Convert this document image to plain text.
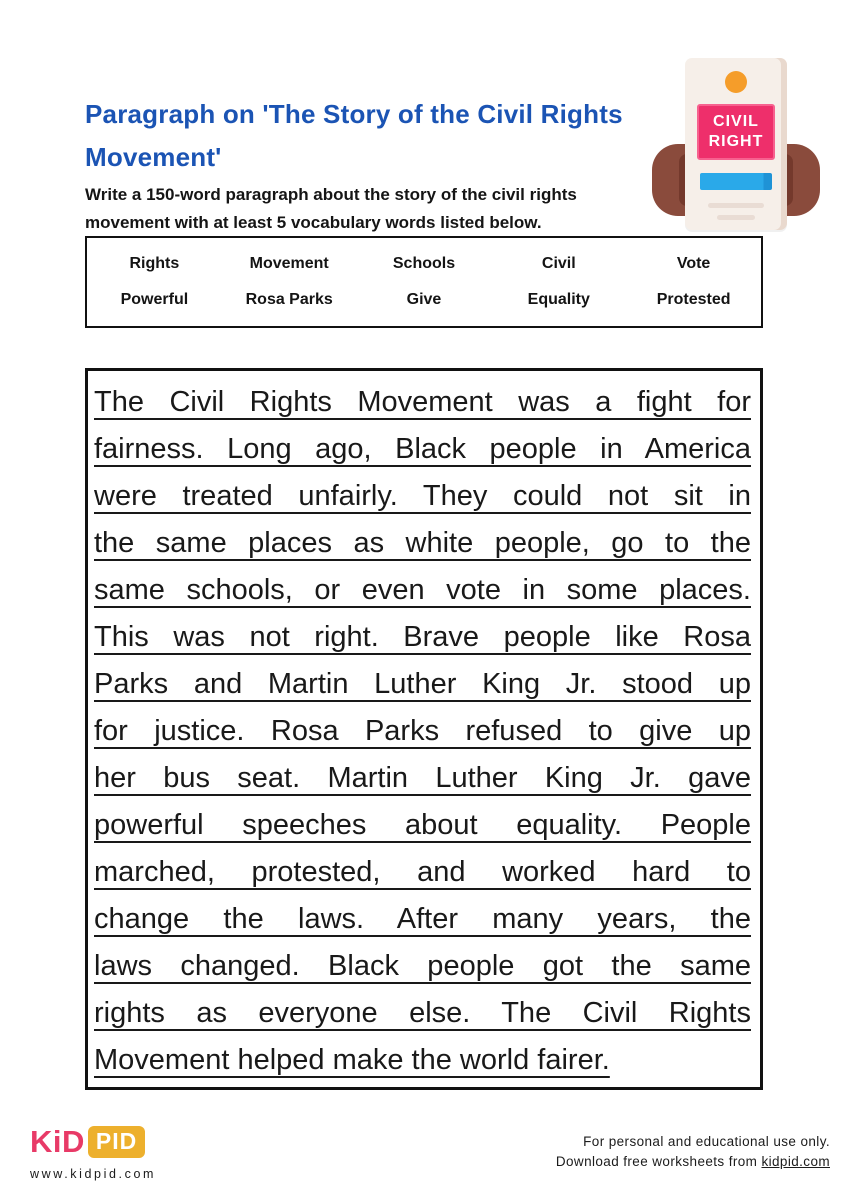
Paragraph on 'The Story of the Civil Rights Movement'

Write a 150-word paragraph about the story of the civil rights movement with at least 5 vocabulary words listed below.

CIVIL RIGHT
Rights	Movement	Schools	Civil	Vote
Powerful	Rosa Parks	Give	Equality	Protested
The Civil Rights Movement was a fight for
fairness. Long ago, Black people in America
were treated unfairly. They could not sit in
the same places as white people, go to the
same schools, or even vote in some places.
This was not right. Brave people like Rosa
Parks and Martin Luther King Jr. stood up
for justice. Rosa Parks refused to give up
her bus seat. Martin Luther King Jr. gave
powerful speeches about equality. People
marched, protested, and worked hard to
change the laws. After many years, the
laws changed. Black people got the same
rights as everyone else. The Civil Rights
Movement helped make the world fairer.
KiD PID
www.kidpid.com
For personal and educational use only.
Download free worksheets from kidpid.com
